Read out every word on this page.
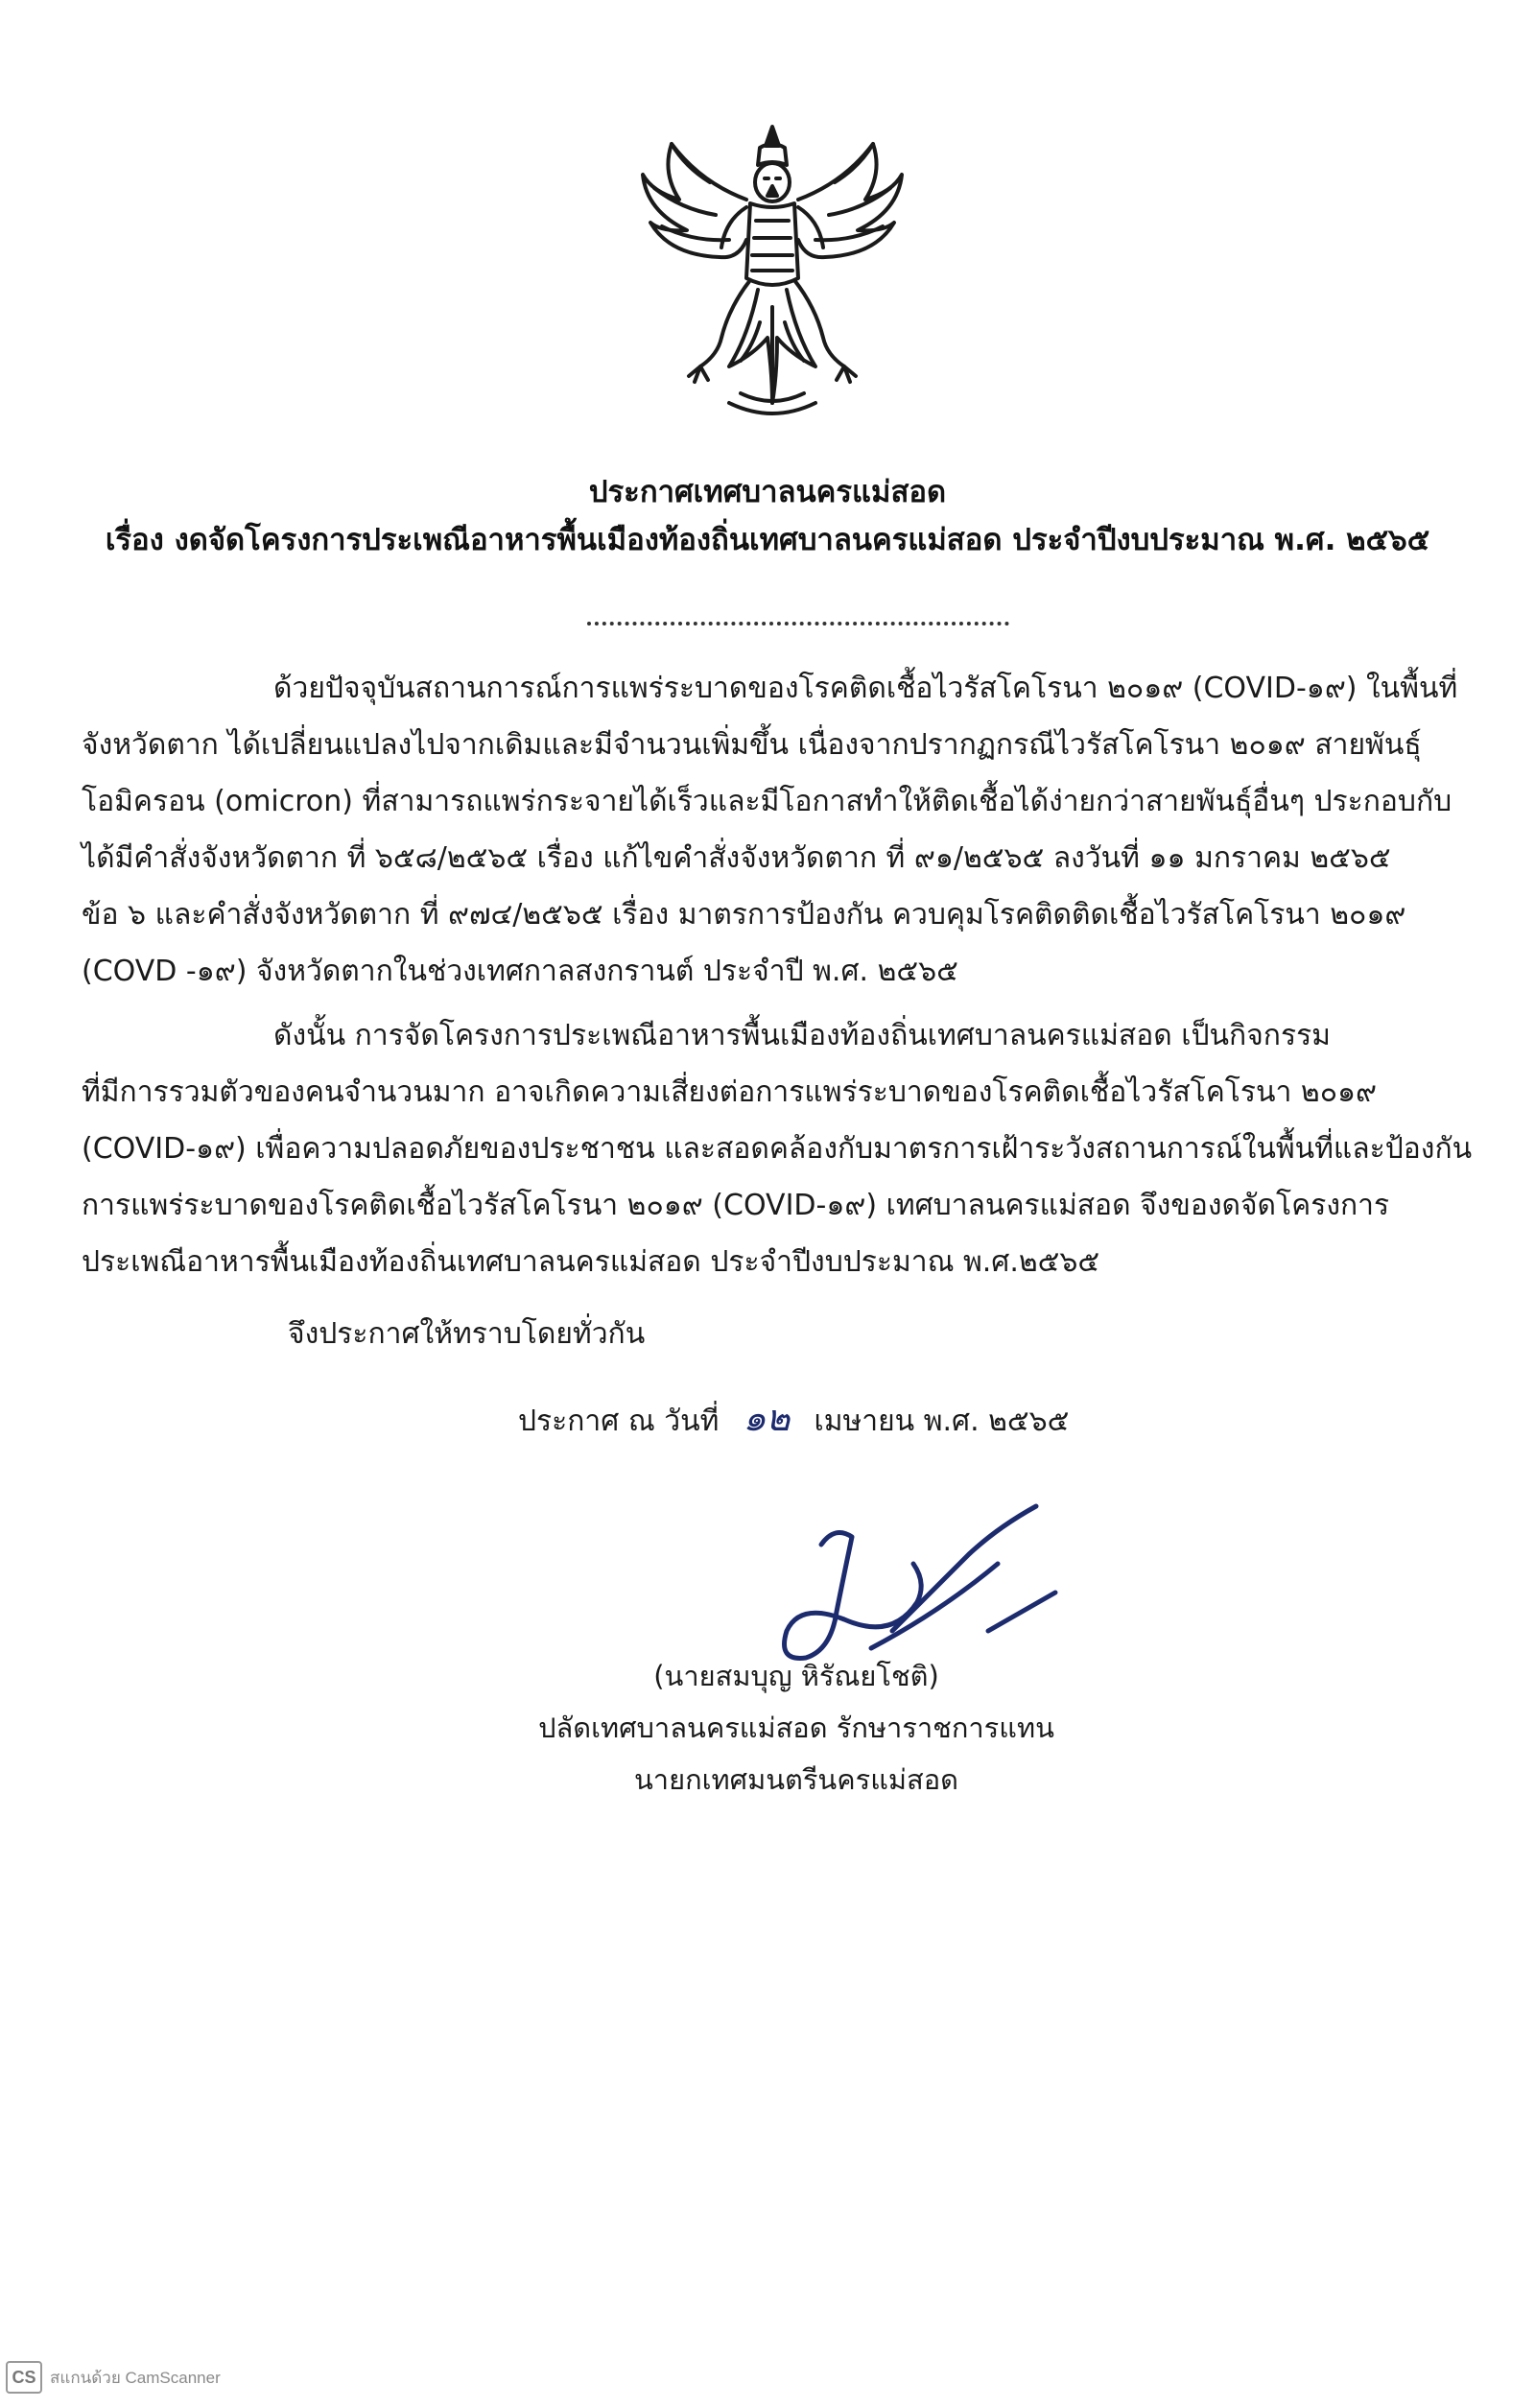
ประกาศเทศบาลนครแม่สอด
เรื่อง งดจัดโครงการประเพณีอาหารพื้นเมืองท้องถิ่นเทศบาลนครแม่สอด ประจำปีงบประมาณ พ.ศ. ๒๕๖๕
ด้วยปัจจุบันสถานการณ์การแพร่ระบาดของโรคติดเชื้อไวรัสโคโรนา ๒๐๑๙ (COVID-๑๙) ในพื้นที่
จังหวัดตาก ได้เปลี่ยนแปลงไปจากเดิมและมีจำนวนเพิ่มขึ้น เนื่องจากปรากฏกรณีไวรัสโคโรนา ๒๐๑๙ สายพันธุ์
โอมิครอน (omicron) ที่สามารถแพร่กระจายได้เร็วและมีโอกาสทำให้ติดเชื้อได้ง่ายกว่าสายพันธุ์อื่นๆ ประกอบกับ
ได้มีคำสั่งจังหวัดตาก ที่ ๖๕๘/๒๕๖๕ เรื่อง แก้ไขคำสั่งจังหวัดตาก ที่ ๙๑/๒๕๖๕ ลงวันที่ ๑๑ มกราคม ๒๕๖๕
ข้อ ๖ และคำสั่งจังหวัดตาก ที่ ๙๗๔/๒๕๖๕ เรื่อง มาตรการป้องกัน ควบคุมโรคติดติดเชื้อไวรัสโคโรนา ๒๐๑๙
(COVD -๑๙) จังหวัดตากในช่วงเทศกาลสงกรานต์ ประจำปี พ.ศ. ๒๕๖๕
ดังนั้น การจัดโครงการประเพณีอาหารพื้นเมืองท้องถิ่นเทศบาลนครแม่สอด เป็นกิจกรรม
ที่มีการรวมตัวของคนจำนวนมาก อาจเกิดความเสี่ยงต่อการแพร่ระบาดของโรคติดเชื้อไวรัสโคโรนา ๒๐๑๙
(COVID-๑๙) เพื่อความปลอดภัยของประชาชน และสอดคล้องกับมาตรการเฝ้าระวังสถานการณ์ในพื้นที่และป้องกัน
การแพร่ระบาดของโรคติดเชื้อไวรัสโคโรนา ๒๐๑๙ (COVID-๑๙) เทศบาลนครแม่สอด จึงของดจัดโครงการ
ประเพณีอาหารพื้นเมืองท้องถิ่นเทศบาลนครแม่สอด ประจำปีงบประมาณ พ.ศ.๒๕๖๕
จึงประกาศให้ทราบโดยทั่วกัน
ประกาศ ณ วันที่ ๑๒ เมษายน พ.ศ. ๒๕๖๕
(นายสมบุญ หิรัณยโชติ)
ปลัดเทศบาลนครแม่สอด รักษาราชการแทน
นายกเทศมนตรีนครแม่สอด
CS สแกนด้วย CamScanner
